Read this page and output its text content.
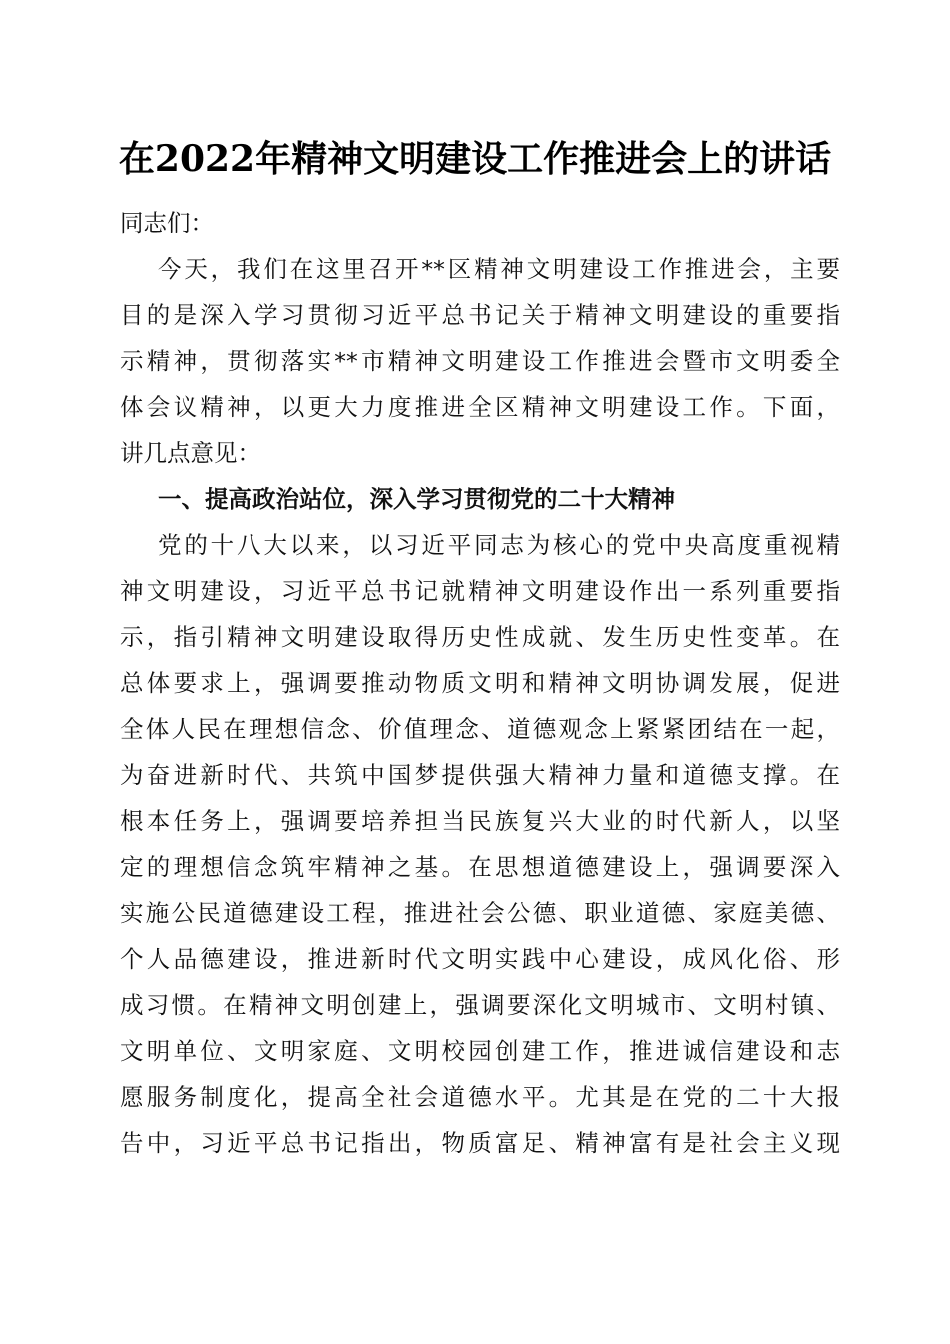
在2022年精神文明建设工作推进会上的讲话
同志们：
今天，我们在这里召开**区精神文明建设工作推进会，主要
目的是深入学习贯彻习近平总书记关于精神文明建设的重要指
示精神，贯彻落实**市精神文明建设工作推进会暨市文明委全
体会议精神，以更大力度推进全区精神文明建设工作。下面，
讲几点意见：
一、提高政治站位，深入学习贯彻党的二十大精神
党的十八大以来，以习近平同志为核心的党中央高度重视精
神文明建设，习近平总书记就精神文明建设作出一系列重要指
示，指引精神文明建设取得历史性成就、发生历史性变革。在
总体要求上，强调要推动物质文明和精神文明协调发展，促进
全体人民在理想信念、价值理念、道德观念上紧紧团结在一起，
为奋进新时代、共筑中国梦提供强大精神力量和道德支撑。在
根本任务上，强调要培养担当民族复兴大业的时代新人，以坚
定的理想信念筑牢精神之基。在思想道德建设上，强调要深入
实施公民道德建设工程，推进社会公德、职业道德、家庭美德、
个人品德建设，推进新时代文明实践中心建设，成风化俗、形
成习惯。在精神文明创建上，强调要深化文明城市、文明村镇、
文明单位、文明家庭、文明校园创建工作，推进诚信建设和志
愿服务制度化，提高全社会道德水平。尤其是在党的二十大报
告中，习近平总书记指出，物质富足、精神富有是社会主义现
